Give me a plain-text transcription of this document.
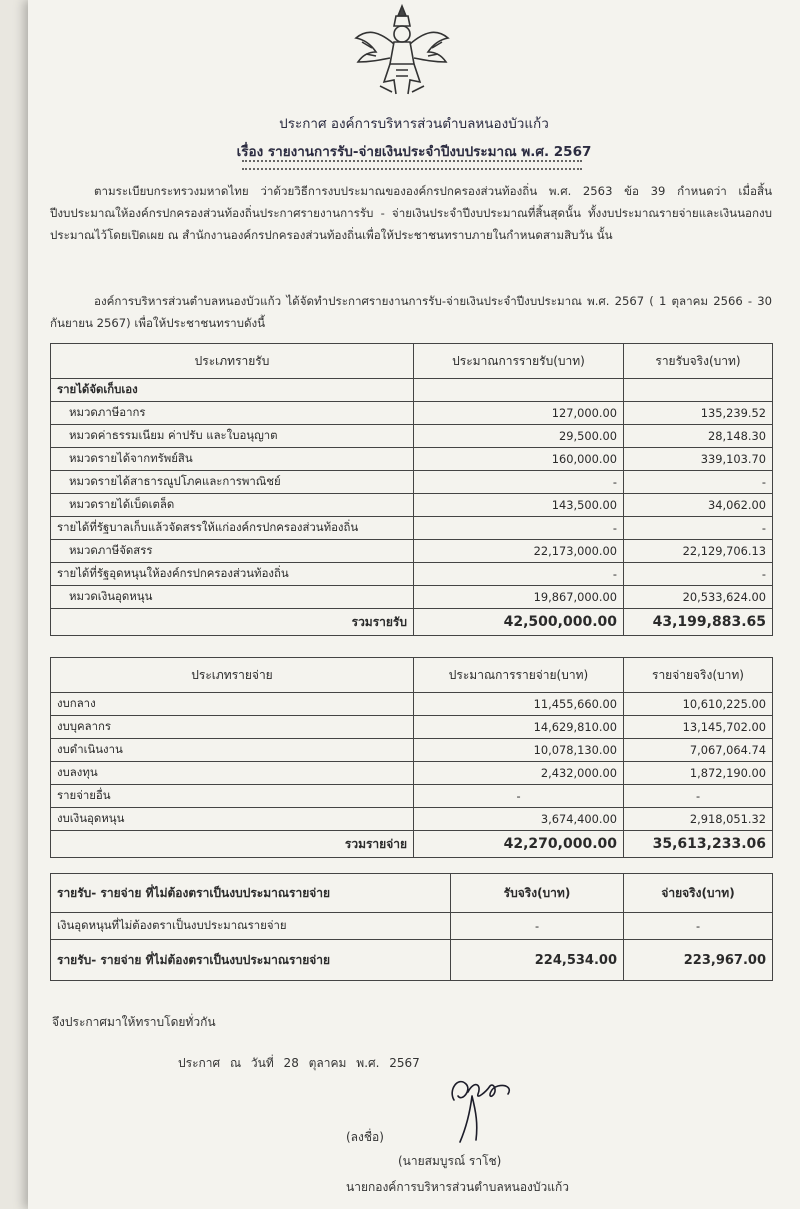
ประกาศ องค์การบริหารส่วนตำบลหนองบัวแก้ว
เรื่อง รายงานการรับ-จ่ายเงินประจำปีงบประมาณ พ.ศ. 2567
ตามระเบียบกระทรวงมหาดไทย ว่าด้วยวิธีการงบประมาณขององค์กรปกครองส่วนท้องถิ่น พ.ศ. 2563 ข้อ 39 กำหนดว่า เมื่อสิ้นปีงบประมาณให้องค์กรปกครองส่วนท้องถิ่นประกาศรายงานการรับ - จ่ายเงินประจำปีงบประมาณที่สิ้นสุดนั้น ทั้งงบประมาณรายจ่ายและเงินนอกงบประมาณไว้โดยเปิดเผย ณ สำนักงานองค์กรปกครองส่วนท้องถิ่นเพื่อให้ประชาชนทราบภายในกำหนดสามสิบวัน นั้น
องค์การบริหารส่วนตำบลหนองบัวแก้ว ได้จัดทำประกาศรายงานการรับ-จ่ายเงินประจำปีงบประมาณ พ.ศ. 2567 ( 1 ตุลาคม 2566 - 30 กันยายน 2567) เพื่อให้ประชาชนทราบดังนี้
ประเภทรายรับ	ประมาณการรายรับ(บาท)	รายรับจริง(บาท)
รายได้จัดเก็บเอง		
หมวดภาษีอากร	127,000.00	135,239.52
หมวดค่าธรรมเนียม ค่าปรับ และใบอนุญาต	29,500.00	28,148.30
หมวดรายได้จากทรัพย์สิน	160,000.00	339,103.70
หมวดรายได้สาธารณูปโภคและการพาณิชย์	-	-
หมวดรายได้เบ็ดเตล็ด	143,500.00	34,062.00
รายได้ที่รัฐบาลเก็บแล้วจัดสรรให้แก่องค์กรปกครองส่วนท้องถิ่น	-	-
หมวดภาษีจัดสรร	22,173,000.00	22,129,706.13
รายได้ที่รัฐอุดหนุนให้องค์กรปกครองส่วนท้องถิ่น	-	-
หมวดเงินอุดหนุน	19,867,000.00	20,533,624.00
รวมรายรับ	42,500,000.00	43,199,883.65
ประเภทรายจ่าย	ประมาณการรายจ่าย(บาท)	รายจ่ายจริง(บาท)
งบกลาง	11,455,660.00	10,610,225.00
งบบุคลากร	14,629,810.00	13,145,702.00
งบดำเนินงาน	10,078,130.00	7,067,064.74
งบลงทุน	2,432,000.00	1,872,190.00
รายจ่ายอื่น	-	-
งบเงินอุดหนุน	3,674,400.00	2,918,051.32
รวมรายจ่าย	42,270,000.00	35,613,233.06
รายรับ- รายจ่าย ที่ไม่ต้องตราเป็นงบประมาณรายจ่าย	รับจริง(บาท)	จ่ายจริง(บาท)
เงินอุดหนุนที่ไม่ต้องตราเป็นงบประมาณรายจ่าย	-	-
รายรับ- รายจ่าย ที่ไม่ต้องตราเป็นงบประมาณรายจ่าย	224,534.00	223,967.00
จึงประกาศมาให้ทราบโดยทั่วกัน
ประกาศ ณ วันที่ 28 ตุลาคม พ.ศ. 2567
(ลงชื่อ)
(นายสมบูรณ์ ราโช)
นายกองค์การบริหารส่วนตำบลหนองบัวแก้ว
